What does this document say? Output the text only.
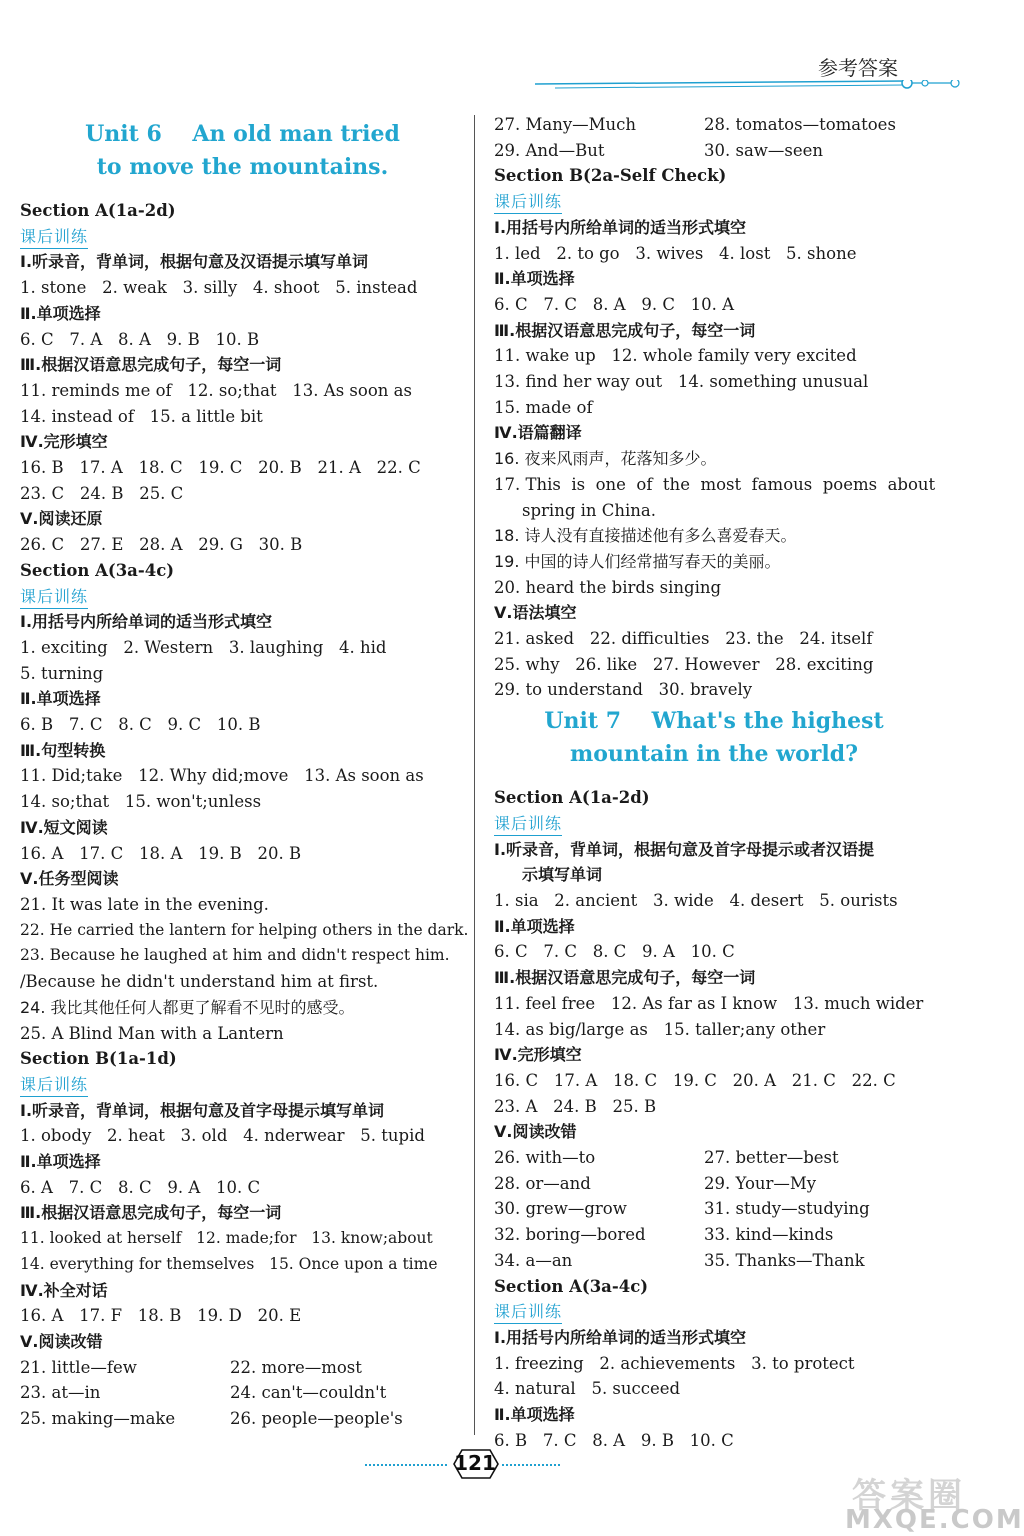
参考答案
Unit 6    An old man tried
to move the mountains.
Section A(1a-2d)
课后训练
Ⅰ.听录音，背单词，根据句意及汉语提示填写单词
1. stone   2. weak   3. silly   4. shoot   5. instead
Ⅱ.单项选择
6. C   7. A   8. A   9. B   10. B
Ⅲ.根据汉语意思完成句子，每空一词
11. reminds me of   12. so;that   13. As soon as
14. instead of   15. a little bit
Ⅳ.完形填空
16. B   17. A   18. C   19. C   20. B   21. A   22. C
23. C   24. B   25. C
Ⅴ.阅读还原
26. C   27. E   28. A   29. G   30. B
Section A(3a-4c)
课后训练
Ⅰ.用括号内所给单词的适当形式填空
1. exciting   2. Western   3. laughing   4. hid
5. turning
Ⅱ.单项选择
6. B   7. C   8. C   9. C   10. B
Ⅲ.句型转换
11. Did;take   12. Why did;move   13. As soon as
14. so;that   15. won't;unless
Ⅳ.短文阅读
16. A   17. C   18. A   19. B   20. B
Ⅴ.任务型阅读
21. It was late in the evening.
22. He carried the lantern for helping others in the dark.
23. Because he laughed at him and didn't respect him.
/Because he didn't understand him at first.
24. 我比其他任何人都更了解看不见时的感受。
25. A Blind Man with a Lantern
Section B(1a-1d)
课后训练
Ⅰ.听录音，背单词，根据句意及首字母提示填写单词
1. obody   2. heat   3. old   4. nderwear   5. tupid
Ⅱ.单项选择
6. A   7. C   8. C   9. A   10. C
Ⅲ.根据汉语意思完成句子，每空一词
11. looked at herself   12. made;for   13. know;about
14. everything for themselves   15. Once upon a time
Ⅳ.补全对话
16. A   17. F   18. B   19. D   20. E
Ⅴ.阅读改错
21. little—few	22. more—most
23. at—in	24. can't—couldn't
25. making—make	26. people—people's
27. Many—Much	28. tomatos—tomatoes
29. And—But	30. saw—seen
Section B(2a-Self Check)
课后训练
Ⅰ.用括号内所给单词的适当形式填空
1. led   2. to go   3. wives   4. lost   5. shone
Ⅱ.单项选择
6. C   7. C   8. A   9. C   10. A
Ⅲ.根据汉语意思完成句子，每空一词
11. wake up   12. whole family very excited
13. find her way out   14. something unusual
15. made of
Ⅳ.语篇翻译
16. 夜来风雨声，花落知多少。
17. This  is  one  of  the  most  famous  poems  about
spring in China.
18. 诗人没有直接描述他有多么喜爱春天。
19. 中国的诗人们经常描写春天的美丽。
20. heard the birds singing
Ⅴ.语法填空
21. asked   22. difficulties   23. the   24. itself
25. why   26. like   27. However   28. exciting
29. to understand   30. bravely
Unit 7    What's the highest
mountain in the world?
Section A(1a-2d)
课后训练
Ⅰ.听录音，背单词，根据句意及首字母提示或者汉语提
示填写单词
1. sia   2. ancient   3. wide   4. desert   5. ourists
Ⅱ.单项选择
6. C   7. C   8. C   9. A   10. C
Ⅲ.根据汉语意思完成句子，每空一词
11. feel free   12. As far as I know   13. much wider
14. as big/large as   15. taller;any other
Ⅳ.完形填空
16. C   17. A   18. C   19. C   20. A   21. C   22. C
23. A   24. B   25. B
Ⅴ.阅读改错
26. with—to	27. better—best
28. or—and	29. Your—My
30. grew—grow	31. study—studying
32. boring—bored	33. kind—kinds
34. a—an	35. Thanks—Thank
Section A(3a-4c)
课后训练
Ⅰ.用括号内所给单词的适当形式填空
1. freezing   2. achievements   3. to protect
4. natural   5. succeed
Ⅱ.单项选择
6. B   7. C   8. A   9. B   10. C
121
答案圈
MXQE.COM
